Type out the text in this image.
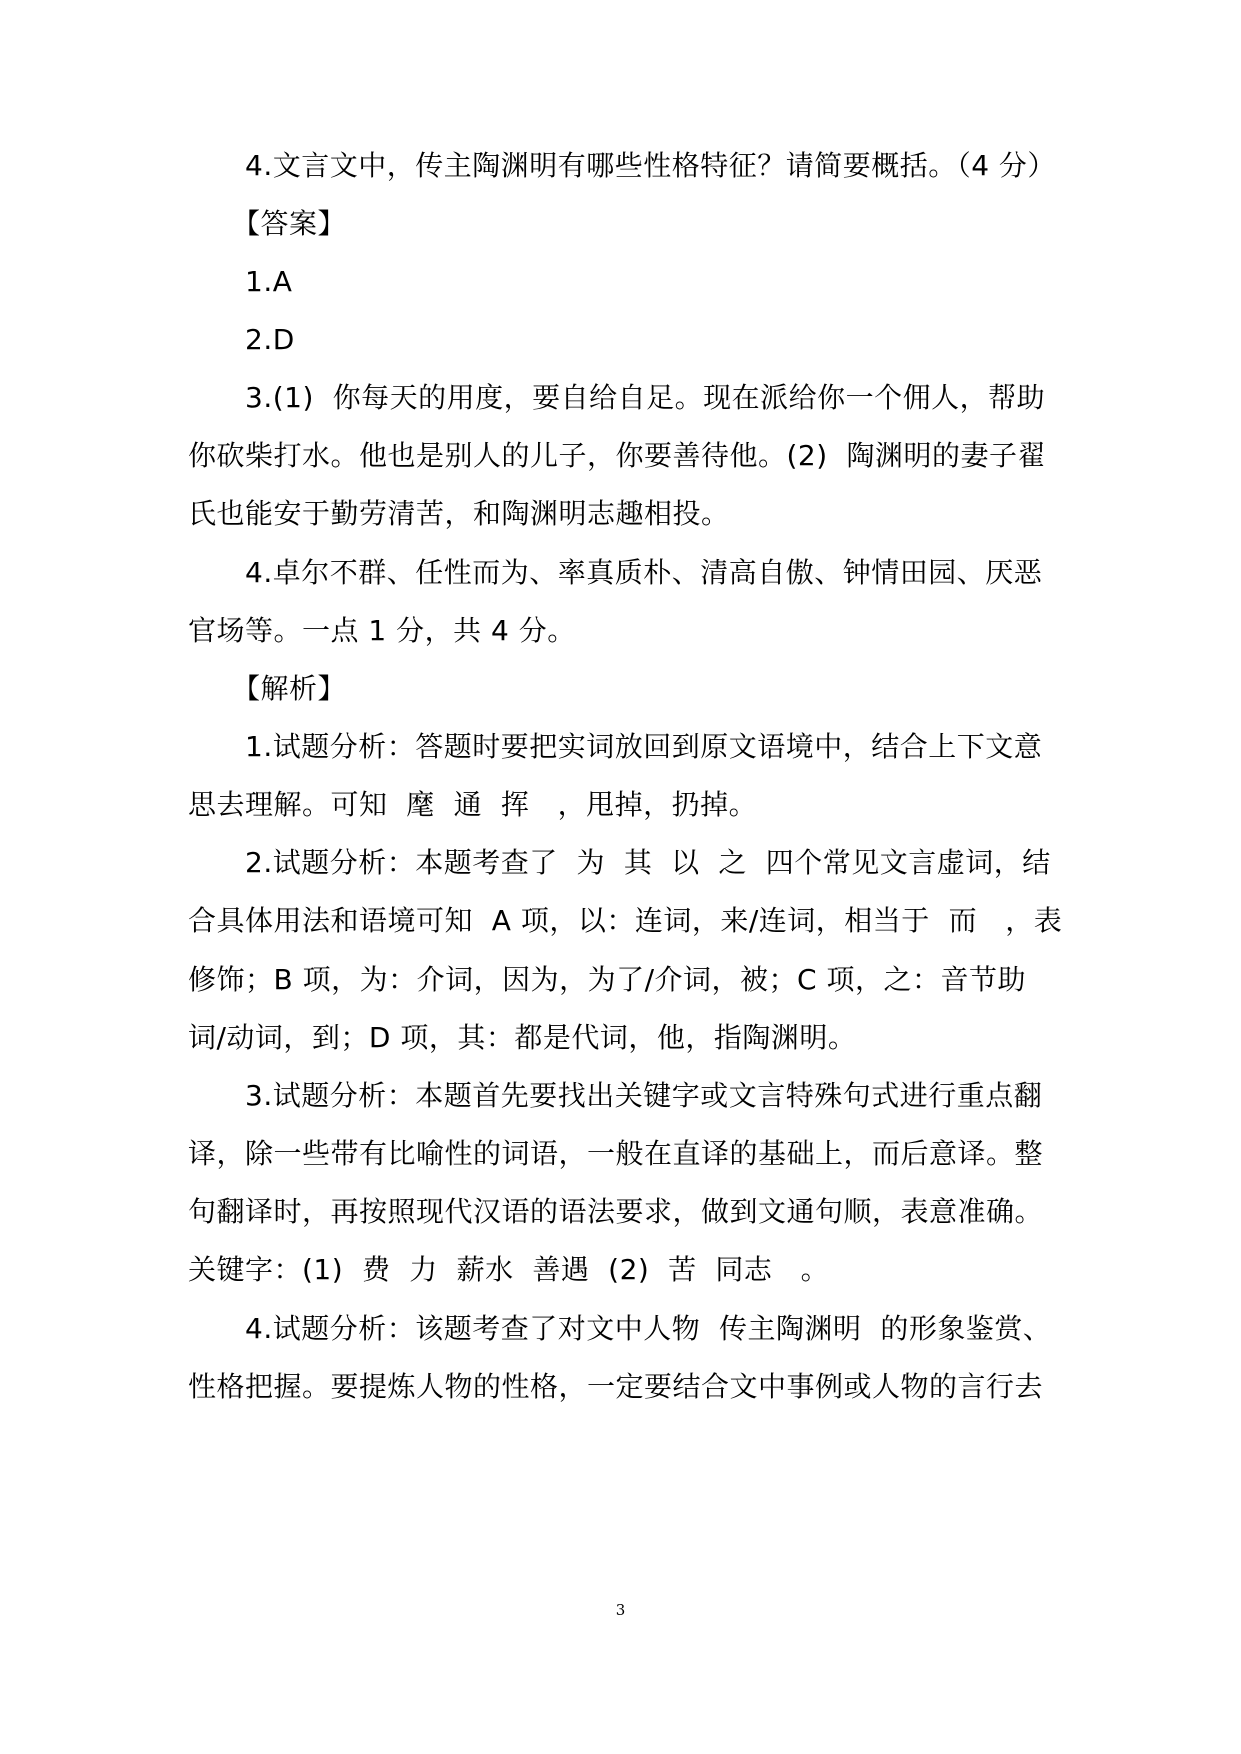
4.文言文中，传主陶渊明有哪些性格特征？请简要概括。（4 分）
【答案】
1.A
2.D
3.(1)  你每天的用度，要自给自足。现在派给你一个佣人，帮助
你砍柴打水。他也是别人的儿子，你要善待他。(2)  陶渊明的妻子翟
氏也能安于勤劳清苦，和陶渊明志趣相投。
4.卓尔不群、任性而为、率真质朴、清高自傲、钟情田园、厌恶
官场等。一点 1 分，共 4 分。
【解析】
1.试题分析：答题时要把实词放回到原文语境中，结合上下文意
思去理解。可知  麾  通  挥   ，甩掉，扔掉。
2.试题分析：本题考查了  为  其  以  之  四个常见文言虚词，结
合具体用法和语境可知  A 项，以：连词，来/连词，相当于  而   ，表
修饰；B 项，为：介词，因为，为了/介词，被；C 项，之：音节助
词/动词，到；D 项，其：都是代词，他，指陶渊明。
3.试题分析：本题首先要找出关键字或文言特殊句式进行重点翻
译，除一些带有比喻性的词语，一般在直译的基础上，而后意译。整
句翻译时，再按照现代汉语的语法要求，做到文通句顺，表意准确。
关键字：(1)  费  力  薪水  善遇  (2)  苦  同志   。
4.试题分析：该题考查了对文中人物  传主陶渊明  的形象鉴赏、
性格把握。要提炼人物的性格，一定要结合文中事例或人物的言行去
3
